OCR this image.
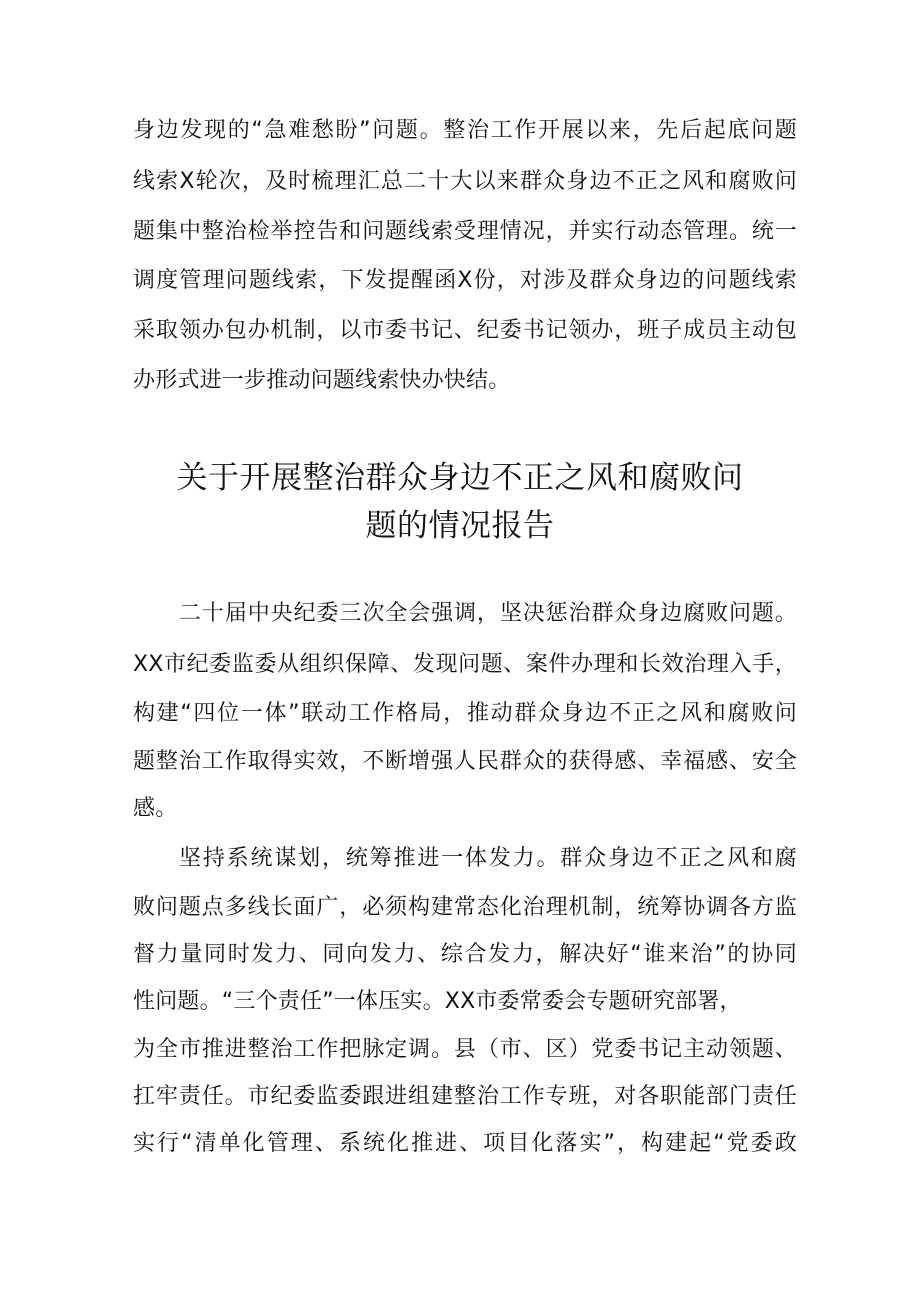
身边发现的“急难愁盼”问题。整治工作开展以来，先后起底问题
线索X轮次，及时梳理汇总二十大以来群众身边不正之风和腐败问
题集中整治检举控告和问题线索受理情况，并实行动态管理。统一
调度管理问题线索，下发提醒函X份，对涉及群众身边的问题线索
采取领办包办机制，以市委书记、纪委书记领办，班子成员主动包
办形式进一步推动问题线索快办快结。
关于开展整治群众身边不正之风和腐败问
题的情况报告
二十届中央纪委三次全会强调，坚决惩治群众身边腐败问题。
XX市纪委监委从组织保障、发现问题、案件办理和长效治理入手，
构建“四位一体”联动工作格局，推动群众身边不正之风和腐败问
题整治工作取得实效，不断增强人民群众的获得感、幸福感、安全
感。
坚持系统谋划，统筹推进一体发力。群众身边不正之风和腐
败问题点多线长面广，必须构建常态化治理机制，统筹协调各方监
督力量同时发力、同向发力、综合发力，解决好“谁来治”的协同
性问题。“三个责任”一体压实。XX市委常委会专题研究部署，
为全市推进整治工作把脉定调。县（市、区）党委书记主动领题、
扛牢责任。市纪委监委跟进组建整治工作专班，对各职能部门责任
实行“清单化管理、系统化推进、项目化落实”，构建起“党委政
